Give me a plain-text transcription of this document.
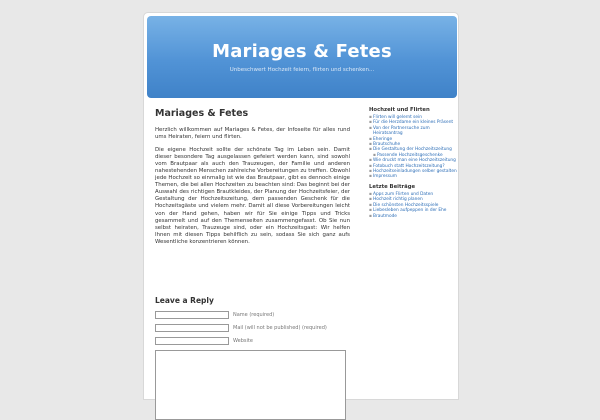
Mariages & Fetes
Unbeschwert Hochzeit feiern, flirten und schenken...
Mariages & Fetes

Herzlich willkommen auf Mariages & Fetes, der Infoseite für alles rund ums Heiraten, feiern und flirten.

Die eigene Hochzeit sollte der schönste Tag im Leben sein. Damit dieser besondere Tag ausgelassen gefeiert werden kann, sind sowohl vom Brautpaar als auch den Trauzeugen, der Familie und anderen nahestehenden Menschen zahlreiche Vorbereitungen zu treffen. Obwohl jede Hochzeit so einmalig ist wie das Brautpaar, gibt es dennoch einige Themen, die bei allen Hochzeiten zu beachten sind: Das beginnt bei der Auswahl des richtigen Brautkleides, der Planung der Hochzeitsfeier, der Gestaltung der Hochzeitszeitung, dem passenden Geschenk für die Hochzeitsgäste und vielem mehr. Damit all diese Vorbereitungen leicht von der Hand gehen, haben wir für Sie einige Tipps und Tricks gesammelt und auf den Themenseiten zusammengefasst. Ob Sie nun selbst heiraten, Trauzeuge sind, oder ein Hochzeitsgast: Wir helfen Ihnen mit diesen Tipps behilflich zu sein, sodass Sie sich ganz aufs Wesentliche konzentrieren können.

Leave a Reply
Name (required)
Mail (will not be published) (required)
Website
Hochzeit und Flirten
▪ Flirten will gelernt sein
▪ Für die Herzdame ein kleines Präsent
▪ Von der Partnersuche zum Heiratsantrag
▪ Eheringe
▪ Brautschuhe
▪ Die Gestaltung der Hochzeitszeitung
▪ Passende Hochzeitsgeschenke
▪ Wie druckt man eine Hochzeitszeitung
▪ Fotobuch statt Hochzeitszeitung?
▪ Hochzeitseinladungen selber gestalten
▪ Impressum
Letzte Beiträge
▪ Apps zum Flirten und Daten
▪ Hochzeit richtig planen
▪ Die schönsten Hochzeitsspiele
▪ Liebesleben aufpeppen in der Ehe
▪ Brautmode
